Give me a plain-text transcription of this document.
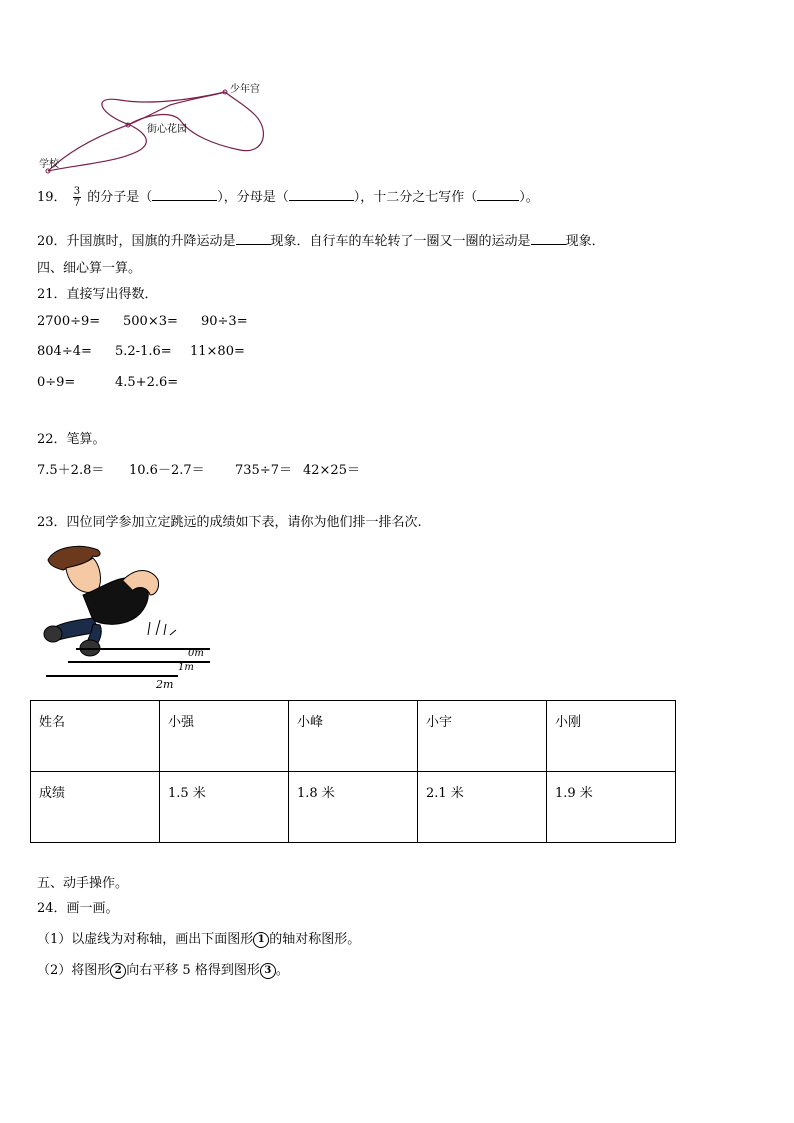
少年宫
街心花园
学校
19． $\frac{3}{7}$ 的分子是（	），分母是（	），十二分之七写作（	）。
20．升国旗时，国旗的升降运动是	现象．自行车的车轮转了一圈又一圈的运动是	现象．
四、细心算一算。
21．直接写出得数．
2700÷9= 500×3= 90÷3=
804÷4= 5.2-1.6= 11×80=
0÷9=	4.5+2.6=
22．笔算。
7.5＋2.8＝ 10.6－2.7＝ 735÷7＝ 42×25＝
23．四位同学参加立定跳远的成绩如下表，请你为他们排一排名次.
0m
1m
2m
姓名	小强	小峰	小宇	小刚
成绩	1.5 米	1.8 米	2.1 米	1.9 米
五、动手操作。
24．画一画。
（1）以虚线为对称轴，画出下面图形 1 的轴对称图形。
（2）将图形 2 向右平移 5 格得到图形 3 。
